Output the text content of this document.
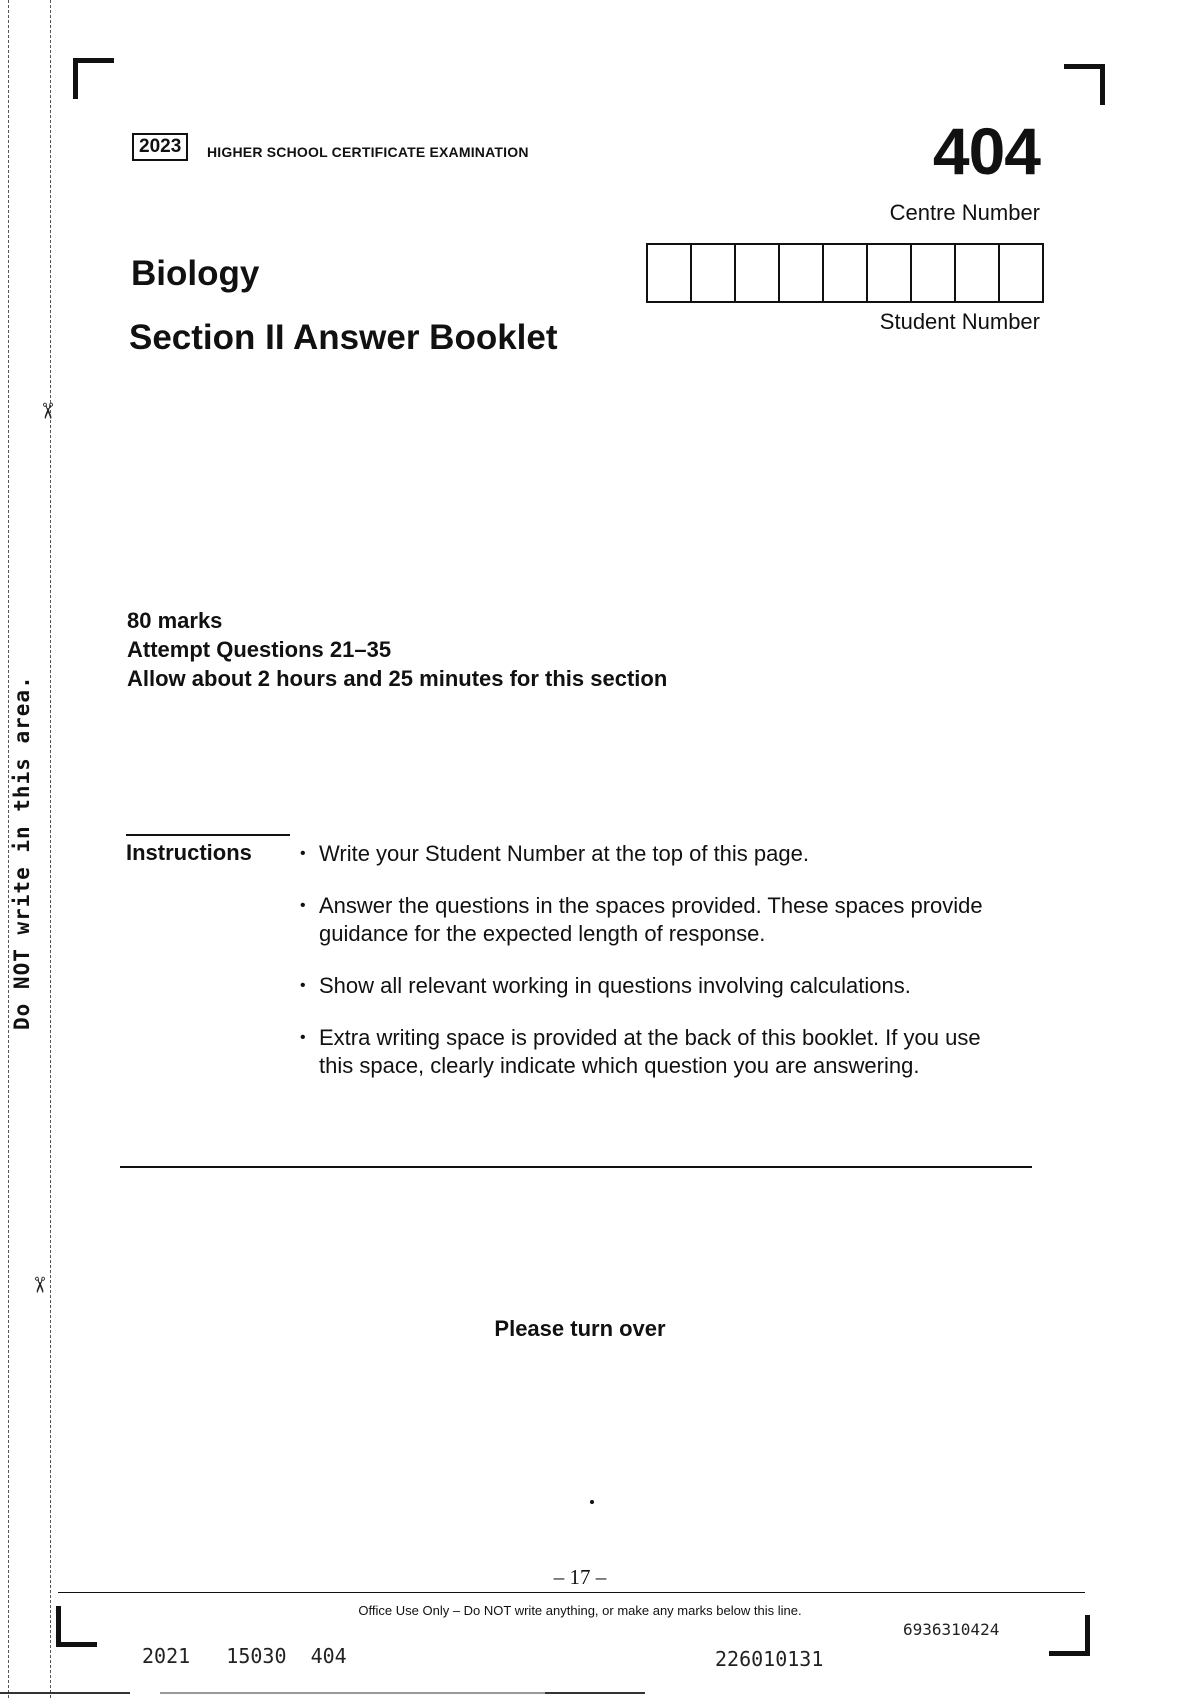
Do NOT write in this area.
✂
✂
2023	HIGHER SCHOOL CERTIFICATE EXAMINATION	404
Centre Number
Student Number
Biology
Section II Answer Booklet
80 marks
Attempt Questions 21–35
Allow about 2 hours and 25 minutes for this section
Instructions
•	Write your Student Number at the top of this page.
• Answer the questions in the spaces provided. These spaces provide guidance for the expected length of response.
• Show all relevant working in questions involving calculations.
• Extra writing space is provided at the back of this booklet. If you use this space, clearly indicate which question you are answering.
Please turn over
– 17 –
Office Use Only – Do NOT write anything, or make any marks below this line.
2021   15030  404	226010131
6936310424
